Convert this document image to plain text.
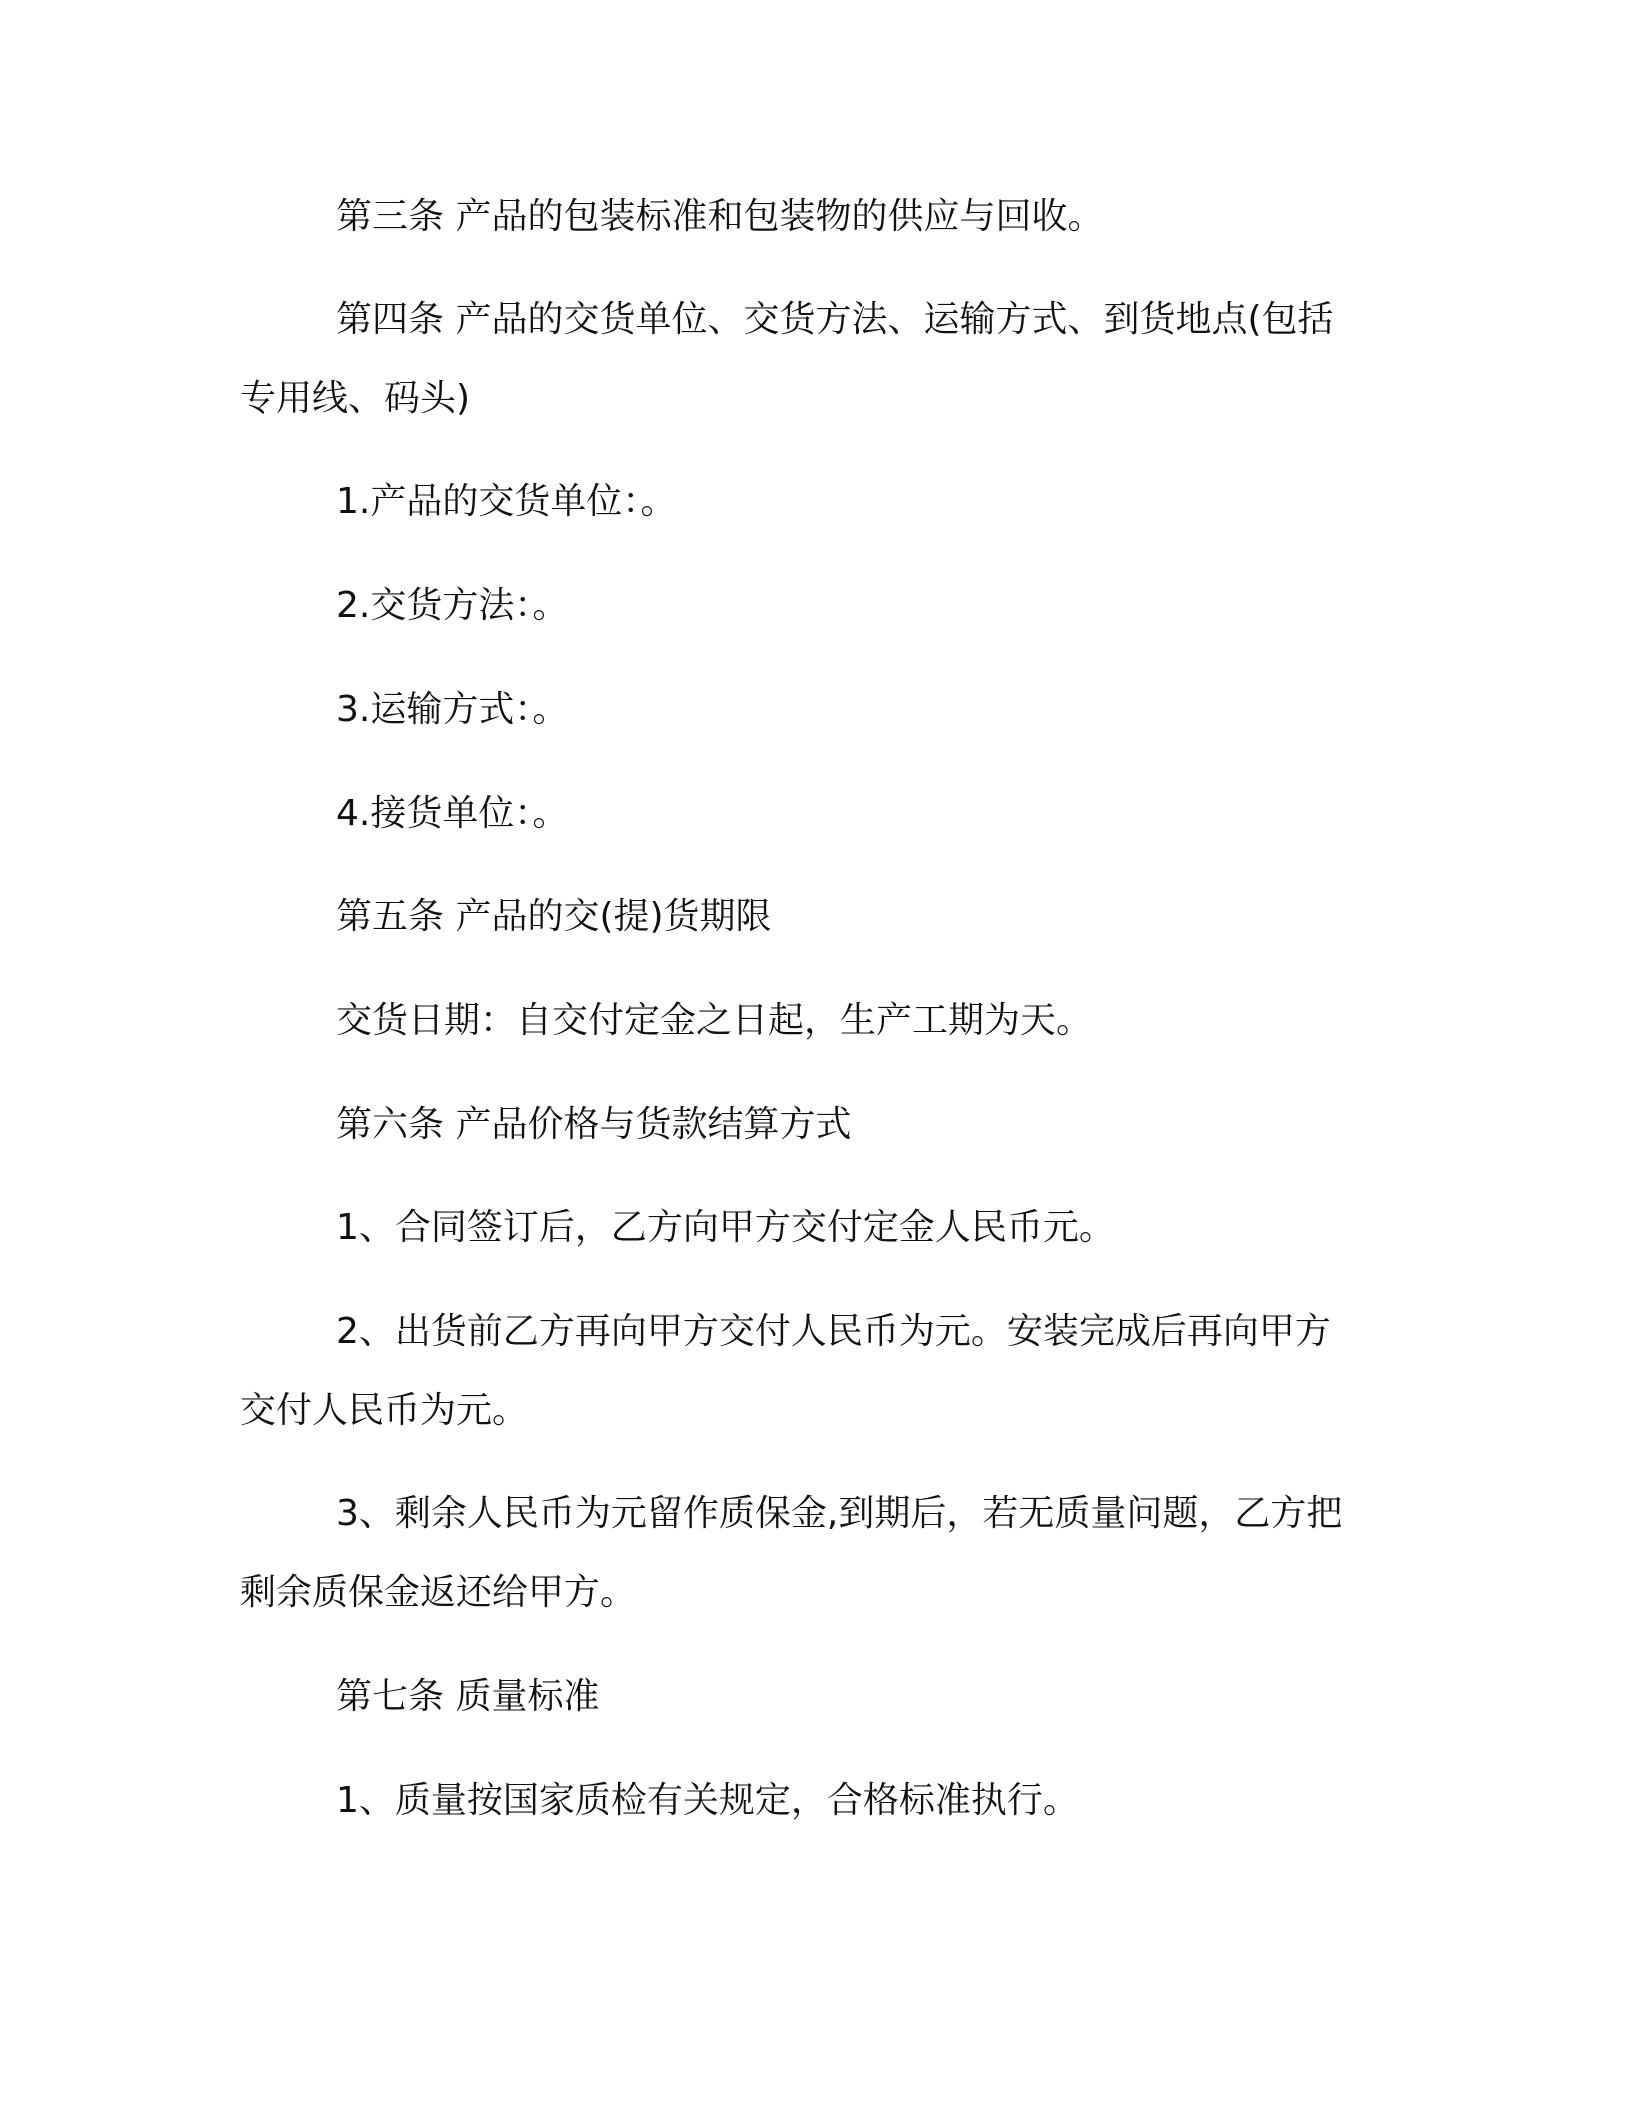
第三条 产品的包装标准和包装物的供应与回收。
第四条 产品的交货单位、交货方法、运输方式、到货地点(包括
专用线、码头)
1.产品的交货单位：。
2.交货方法：。
3.运输方式：。
4.接货单位：。
第五条 产品的交(提)货期限
交货日期：自交付定金之日起，生产工期为天。
第六条 产品价格与货款结算方式
1、合同签订后，乙方向甲方交付定金人民币元。
2、出货前乙方再向甲方交付人民币为元。安装完成后再向甲方
交付人民币为元。
3、剩余人民币为元留作质保金,到期后，若无质量问题，乙方把
剩余质保金返还给甲方。
第七条 质量标准
1、质量按国家质检有关规定，合格标准执行。
